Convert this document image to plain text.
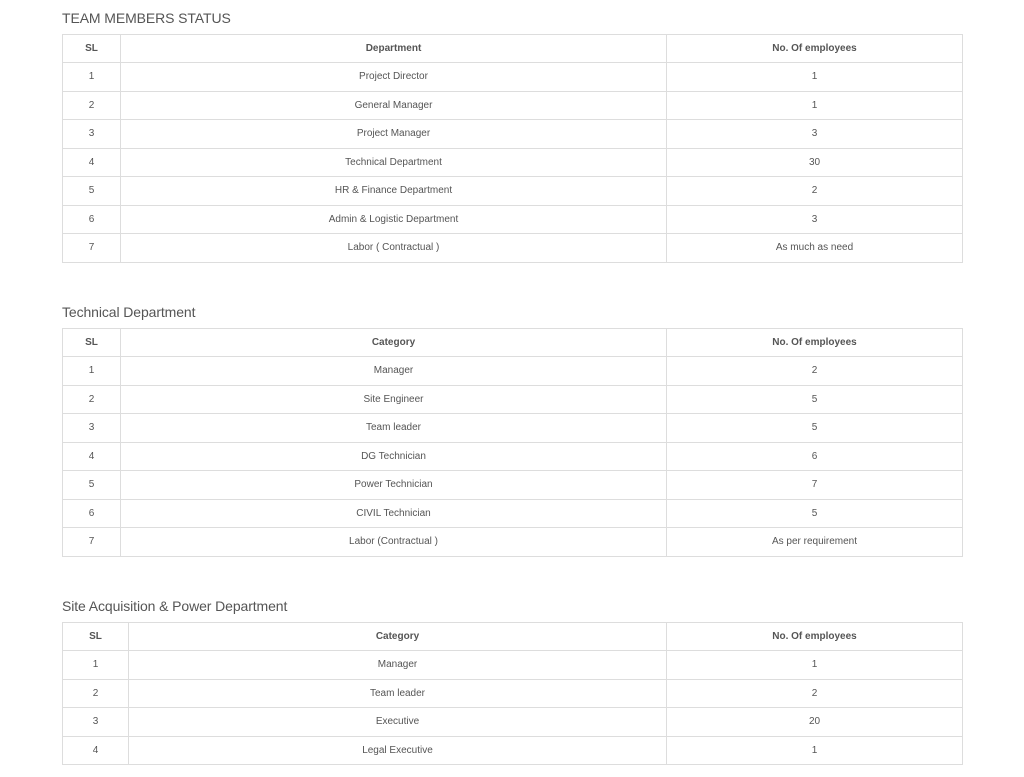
TEAM MEMBERS STATUS
SL	Department	No. Of employees
1	Project Director	1
2	General Manager	1
3	Project Manager	3
4	Technical Department	30
5	HR & Finance Department	2
6	Admin & Logistic Department	3
7	Labor ( Contractual )	As much as need
Technical Department
SL	Category	No. Of employees
1	Manager	2
2	Site Engineer	5
3	Team leader	5
4	DG Technician	6
5	Power Technician	7
6	CIVIL Technician	5
7	Labor (Contractual )	As per requirement
Site Acquisition & Power Department
SL	Category	No. Of employees
1	Manager	1
2	Team leader	2
3	Executive	20
4	Legal Executive	1
